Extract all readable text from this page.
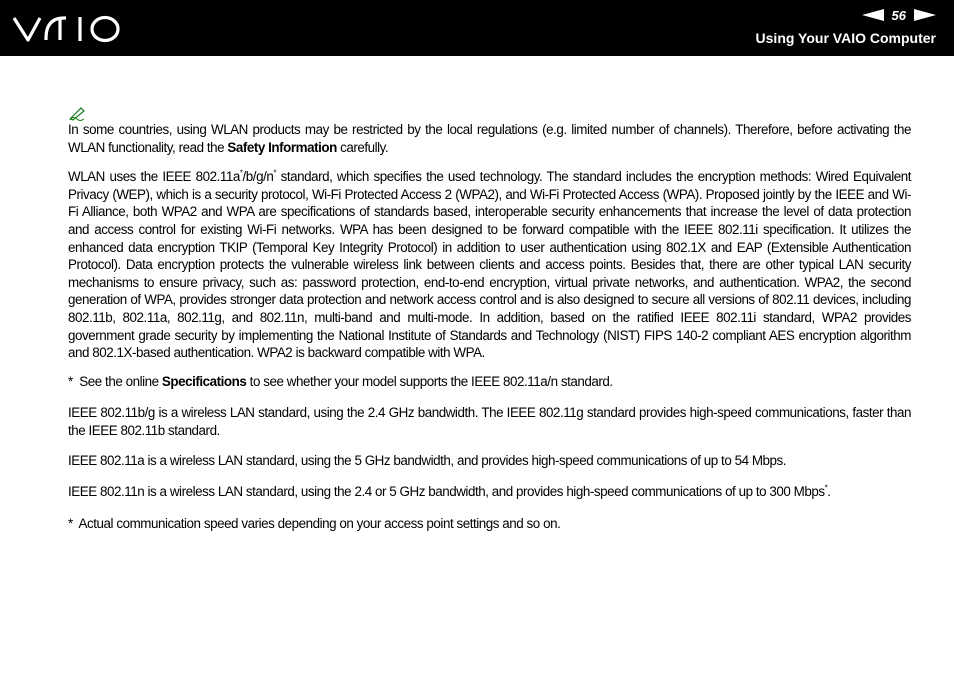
56
Using Your VAIO Computer

In some countries, using WLAN products may be restricted by the local regulations (e.g. limited number of channels). Therefore, before activating the WLAN functionality, read the Safety Information carefully.

WLAN uses the IEEE 802.11a*/b/g/n* standard, which specifies the used technology. The standard includes the encryption methods: Wired Equivalent Privacy (WEP), which is a security protocol, Wi-Fi Protected Access 2 (WPA2), and Wi-Fi Protected Access (WPA). Proposed jointly by the IEEE and Wi-Fi Alliance, both WPA2 and WPA are specifications of standards based, interoperable security enhancements that increase the level of data protection and access control for existing Wi-Fi networks. WPA has been designed to be forward compatible with the IEEE 802.11i specification. It utilizes the enhanced data encryption TKIP (Temporal Key Integrity Protocol) in addition to user authentication using 802.1X and EAP (Extensible Authentication Protocol). Data encryption protects the vulnerable wireless link between clients and access points. Besides that, there are other typical LAN security mechanisms to ensure privacy, such as: password protection, end-to-end encryption, virtual private networks, and authentication. WPA2, the second generation of WPA, provides stronger data protection and network access control and is also designed to secure all versions of 802.11 devices, including 802.11b, 802.11a, 802.11g, and 802.11n, multi-band and multi-mode. In addition, based on the ratified IEEE 802.11i standard, WPA2 provides government grade security by implementing the National Institute of Standards and Technology (NIST) FIPS 140-2 compliant AES encryption algorithm and 802.1X-based authentication. WPA2 is backward compatible with WPA.

*  See the online Specifications to see whether your model supports the IEEE 802.11a/n standard.

IEEE 802.11b/g is a wireless LAN standard, using the 2.4 GHz bandwidth. The IEEE 802.11g standard provides high-speed communications, faster than the IEEE 802.11b standard.

IEEE 802.11a is a wireless LAN standard, using the 5 GHz bandwidth, and provides high-speed communications of up to 54 Mbps.

IEEE 802.11n is a wireless LAN standard, using the 2.4 or 5 GHz bandwidth, and provides high-speed communications of up to 300 Mbps*.

*  Actual communication speed varies depending on your access point settings and so on.
